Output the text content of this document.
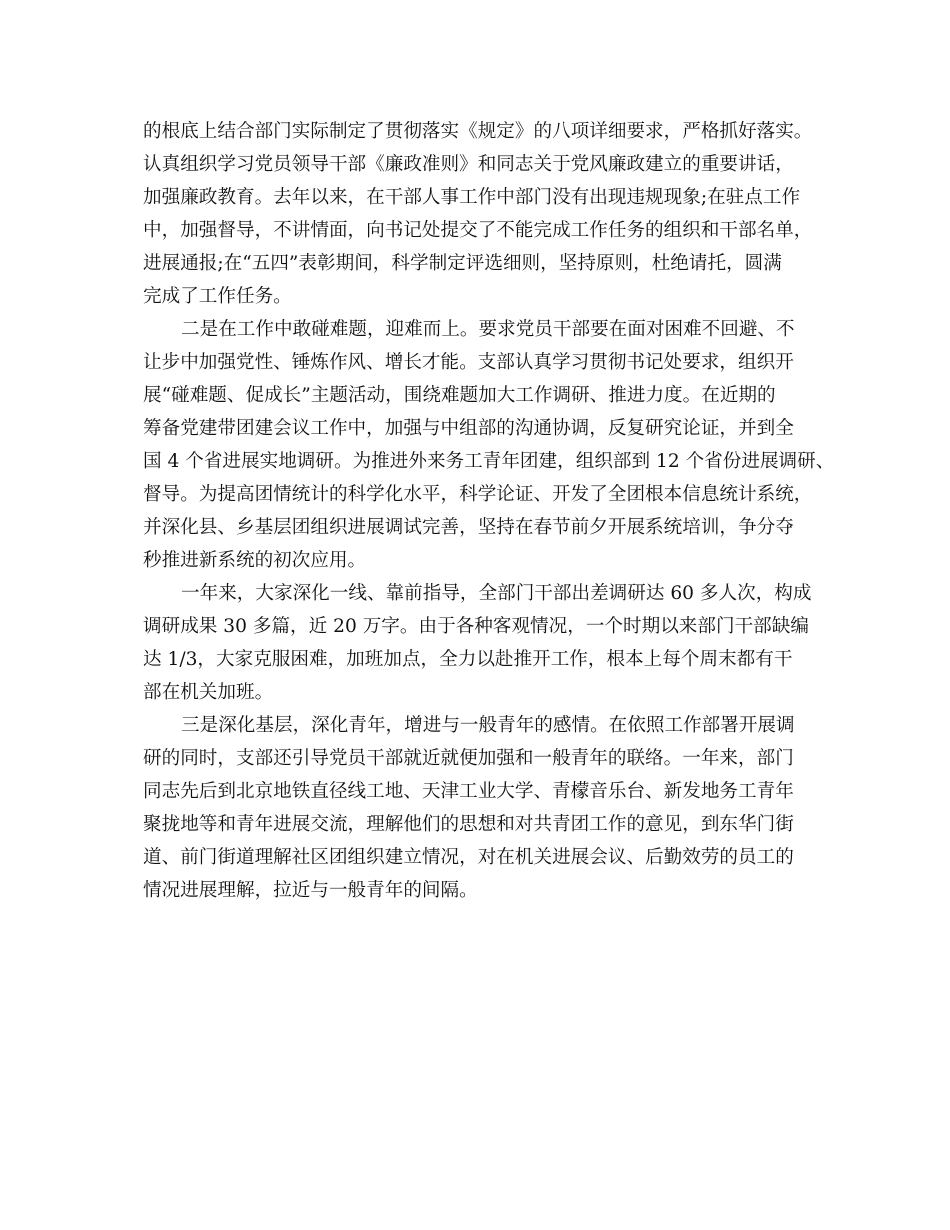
的根底上结合部门实际制定了贯彻落实《规定》的八项详细要求，严格抓好落实。
认真组织学习党员领导干部《廉政准则》和同志关于党风廉政建立的重要讲话，
加强廉政教育。去年以来，在干部人事工作中部门没有出现违规现象;在驻点工作
中，加强督导，不讲情面，向书记处提交了不能完成工作任务的组织和干部名单，
进展通报;在“五四”表彰期间，科学制定评选细则，坚持原则，杜绝请托，圆满
完成了工作任务。
二是在工作中敢碰难题，迎难而上。要求党员干部要在面对困难不回避、不
让步中加强党性、锤炼作风、增长才能。支部认真学习贯彻书记处要求，组织开
展“碰难题、促成长”主题活动，围绕难题加大工作调研、推进力度。在近期的
筹备党建带团建会议工作中，加强与中组部的沟通协调，反复研究论证，并到全
国 4 个省进展实地调研。为推进外来务工青年团建，组织部到 12 个省份进展调研、
督导。为提高团情统计的科学化水平，科学论证、开发了全团根本信息统计系统，
并深化县、乡基层团组织进展调试完善，坚持在春节前夕开展系统培训，争分夺
秒推进新系统的初次应用。
一年来，大家深化一线、靠前指导，全部门干部出差调研达 60 多人次，构成
调研成果 30 多篇，近 20 万字。由于各种客观情况，一个时期以来部门干部缺编
达 1/3，大家克服困难，加班加点，全力以赴推开工作，根本上每个周末都有干
部在机关加班。
三是深化基层，深化青年，增进与一般青年的感情。在依照工作部署开展调
研的同时，支部还引导党员干部就近就便加强和一般青年的联络。一年来，部门
同志先后到北京地铁直径线工地、天津工业大学、青檬音乐台、新发地务工青年
聚拢地等和青年进展交流，理解他们的思想和对共青团工作的意见，到东华门街
道、前门街道理解社区团组织建立情况，对在机关进展会议、后勤效劳的员工的
情况进展理解，拉近与一般青年的间隔。
